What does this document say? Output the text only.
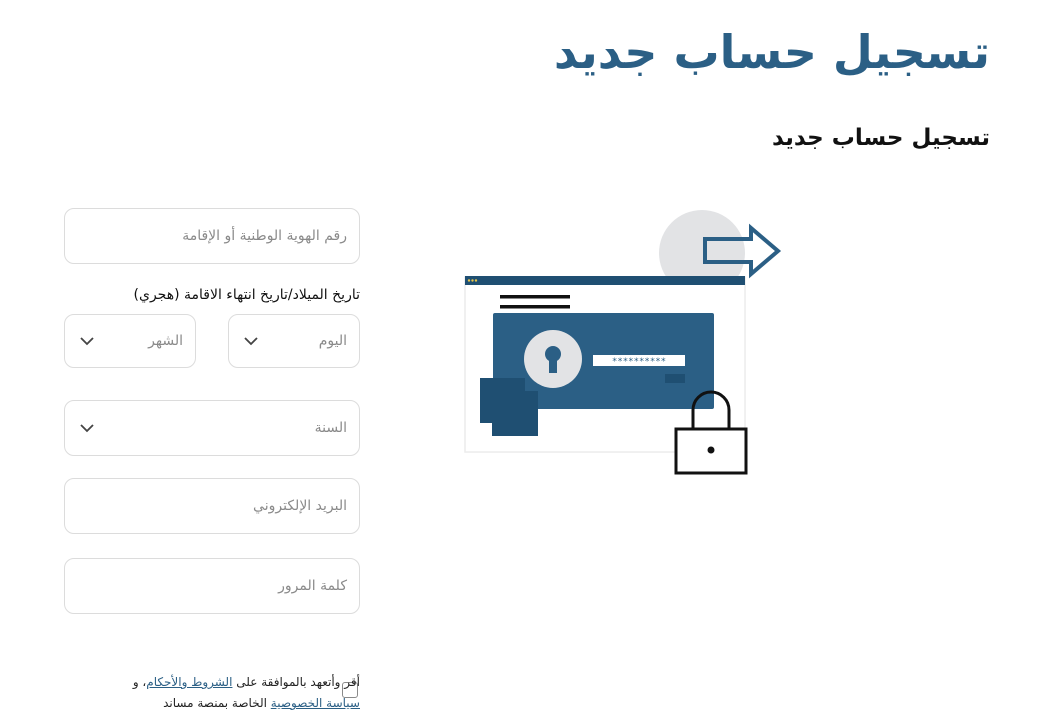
تسجيل حساب جديد
تسجيل حساب جديد
رقم الهوية الوطنية أو الإقامة
تاريخ الميلاد/تاريخ انتهاء الاقامة (هجري)
اليوم
الشهر
السنة
البريد الإلكتروني
كلمة المرور
أقر وأتعهد بالموافقة على الشروط والأحكام، و
سياسة الخصوصية الخاصة بمنصة مساند
**********
